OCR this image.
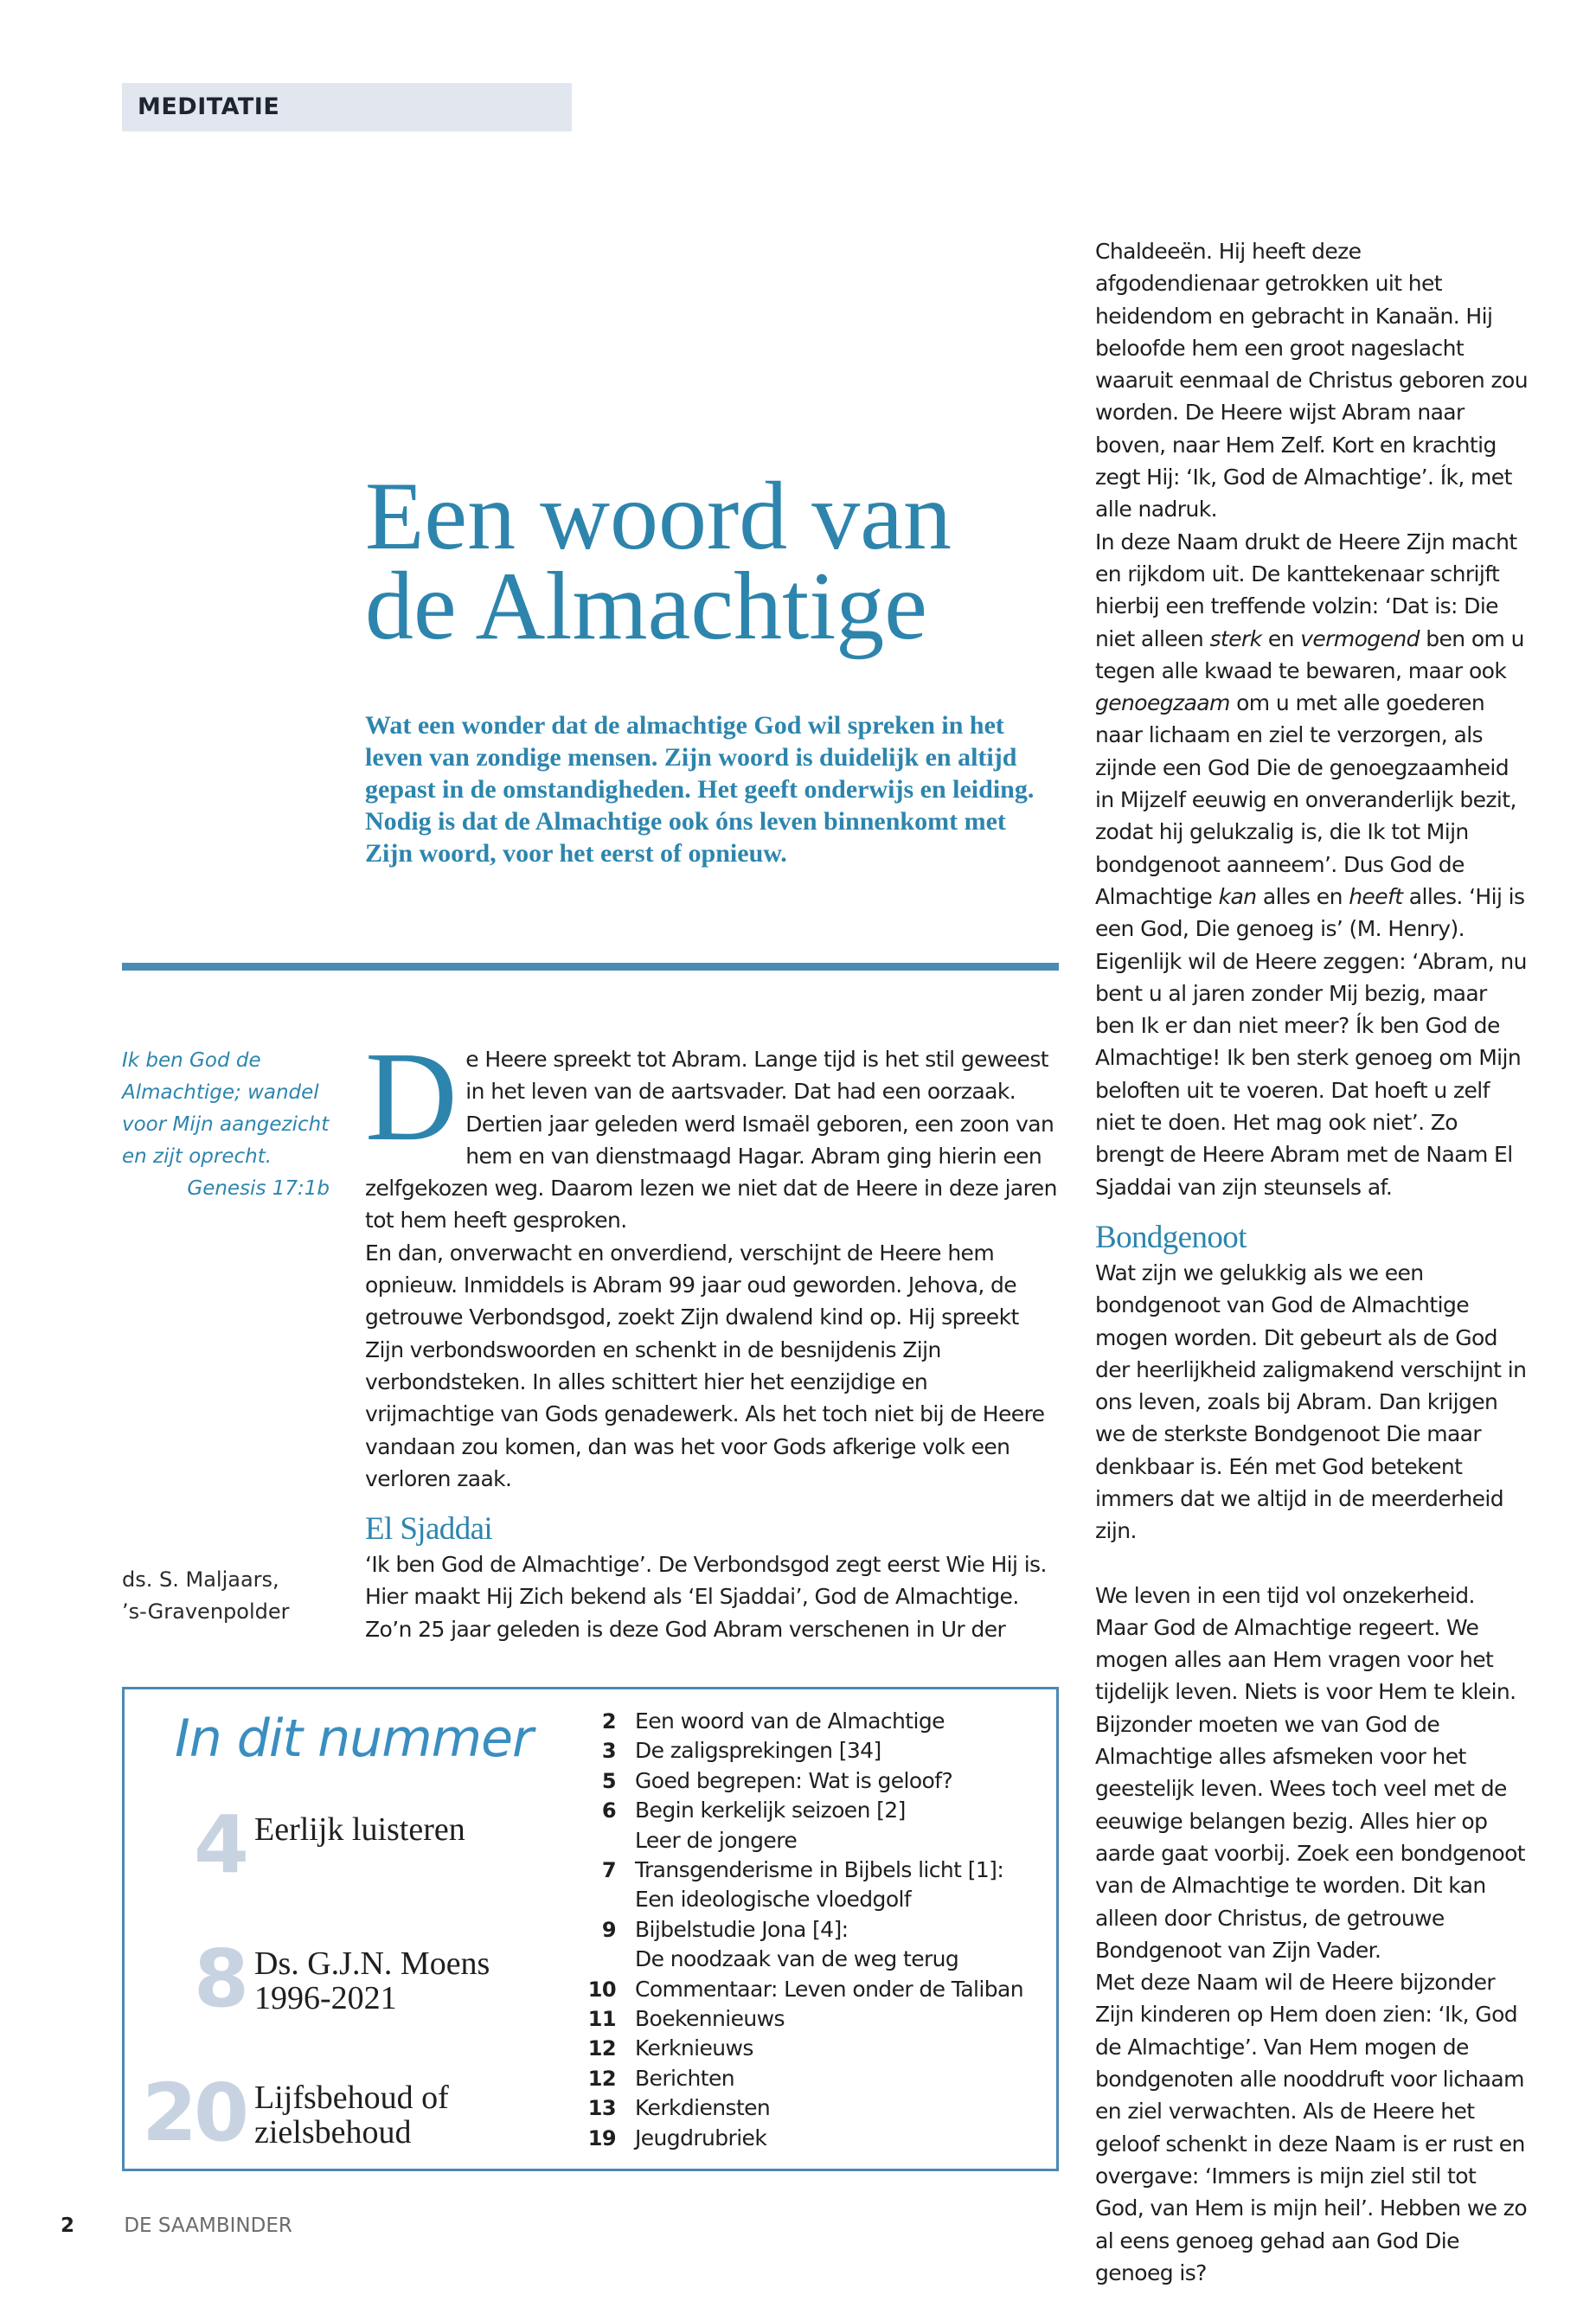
MEDITATIE
Een woord van
de Almachtige

Wat een wonder dat de almachtige God wil spreken in het leven van zondige mensen. Zijn woord is duidelijk en altijd gepast in de omstandigheden. Het geeft onderwijs en leiding. Nodig is dat de Almachtige ook óns leven binnenkomt met Zijn woord, voor het eerst of opnieuw.

Ik ben God de Almachtige; wandel voor Mijn aangezicht en zijt oprecht.
Genesis 17:1b
ds. S. Maljaars,
’s-Gravenpolder

De Heere spreekt tot Abram. Lange tijd is het stil geweest in het leven van de aartsvader. Dat had een oorzaak. Dertien jaar geleden werd Ismaël geboren, een zoon van hem en van dienstmaagd Hagar. Abram ging hierin een zelfgekozen weg. Daarom lezen we niet dat de Heere in deze jaren tot hem heeft gesproken.

En dan, onverwacht en onverdiend, verschijnt de Heere hem opnieuw. Inmiddels is Abram 99 jaar oud geworden. Jehova, de getrouwe Verbondsgod, zoekt Zijn dwalend kind op. Hij spreekt Zijn verbondswoorden en schenkt in de besnijdenis Zijn verbondsteken. In alles schittert hier het eenzijdige en vrijmachtige van Gods genadewerk. Als het toch niet bij de Heere vandaan zou komen, dan was het voor Gods afkerige volk een verloren zaak.

El Sjaddai

‘Ik ben God de Almachtige’. De Verbondsgod zegt eerst Wie Hij is. Hier maakt Hij Zich bekend als ‘El Sjaddai’, God de Almachtige. Zo’n 25 jaar geleden is deze God Abram verschenen in Ur der

Chaldeeën. Hij heeft deze afgodendienaar getrokken uit het heidendom en gebracht in Kanaän. Hij beloofde hem een groot nageslacht waaruit eenmaal de Christus geboren zou worden. De Heere wijst Abram naar boven, naar Hem Zelf. Kort en krachtig zegt Hij: ‘Ik, God de Almachtige’. Ík, met alle nadruk.

In deze Naam drukt de Heere Zijn macht en rijkdom uit. De kanttekenaar schrijft hierbij een treffende volzin: ‘Dat is: Die niet alleen sterk en vermogend ben om u tegen alle kwaad te bewaren, maar ook genoegzaam om u met alle goederen naar lichaam en ziel te verzorgen, als zijnde een God Die de genoegzaamheid in Mijzelf eeuwig en onveranderlijk bezit, zodat hij gelukzalig is, die Ik tot Mijn bondgenoot aanneem’. Dus God de Almachtige kan alles en heeft alles. ‘Hij is een God, Die genoeg is’ (M. Henry).

Eigenlijk wil de Heere zeggen: ‘Abram, nu bent u al jaren zonder Mij bezig, maar ben Ik er dan niet meer? Ík ben God de Almachtige! Ik ben sterk genoeg om Mijn beloften uit te voeren. Dat hoeft u zelf niet te doen. Het mag ook niet’. Zo brengt de Heere Abram met de Naam El Sjaddai van zijn steunsels af.

Bondgenoot

Wat zijn we gelukkig als we een bondgenoot van God de Almachtige mogen worden. Dit gebeurt als de God der heerlijkheid zaligmakend verschijnt in ons leven, zoals bij Abram. Dan krijgen we de sterkste Bondgenoot Die maar denkbaar is. Eén met God betekent immers dat we altijd in de meerderheid zijn.

We leven in een tijd vol onzekerheid. Maar God de Almachtige regeert. We mogen alles aan Hem vragen voor het tijdelijk leven. Niets is voor Hem te klein. Bijzonder moeten we van God de Almachtige alles afsmeken voor het geestelijk leven. Wees toch veel met de eeuwige belangen bezig. Alles hier op aarde gaat voorbij. Zoek een bondgenoot van de Almachtige te worden. Dit kan alleen door Christus, de getrouwe Bondgenoot van Zijn Vader.

Met deze Naam wil de Heere bijzonder Zijn kinderen op Hem doen zien: ‘Ik, God de Almachtige’. Van Hem mogen de bondgenoten alle nooddruft voor lichaam en ziel verwachten. Als de Heere het geloof schenkt in deze Naam is er rust en overgave: ‘Immers is mijn ziel stil tot God, van Hem is mijn heil’. Hebben we zo al eens genoeg gehad aan God Die genoeg is?

In dit nummer
4 Eerlijk luisteren
8 Ds. G.J.N. Moens 1996-2021
20 Lijfsbehoud of zielsbehoud
2 Een woord van de Almachtige
3 De zaligsprekingen [34]
5 Goed begrepen: Wat is geloof?
6 Begin kerkelijk seizoen [2]
Leer de jongere
7 Transgenderisme in Bijbels licht [1]:
Een ideologische vloedgolf
9 Bijbelstudie Jona [4]:
De noodzaak van de weg terug
10 Commentaar: Leven onder de Taliban
11 Boekennieuws
12 Kerknieuws
12 Berichten
13 Kerkdiensten
19 Jeugdrubriek
2 DE SAAMBINDER
